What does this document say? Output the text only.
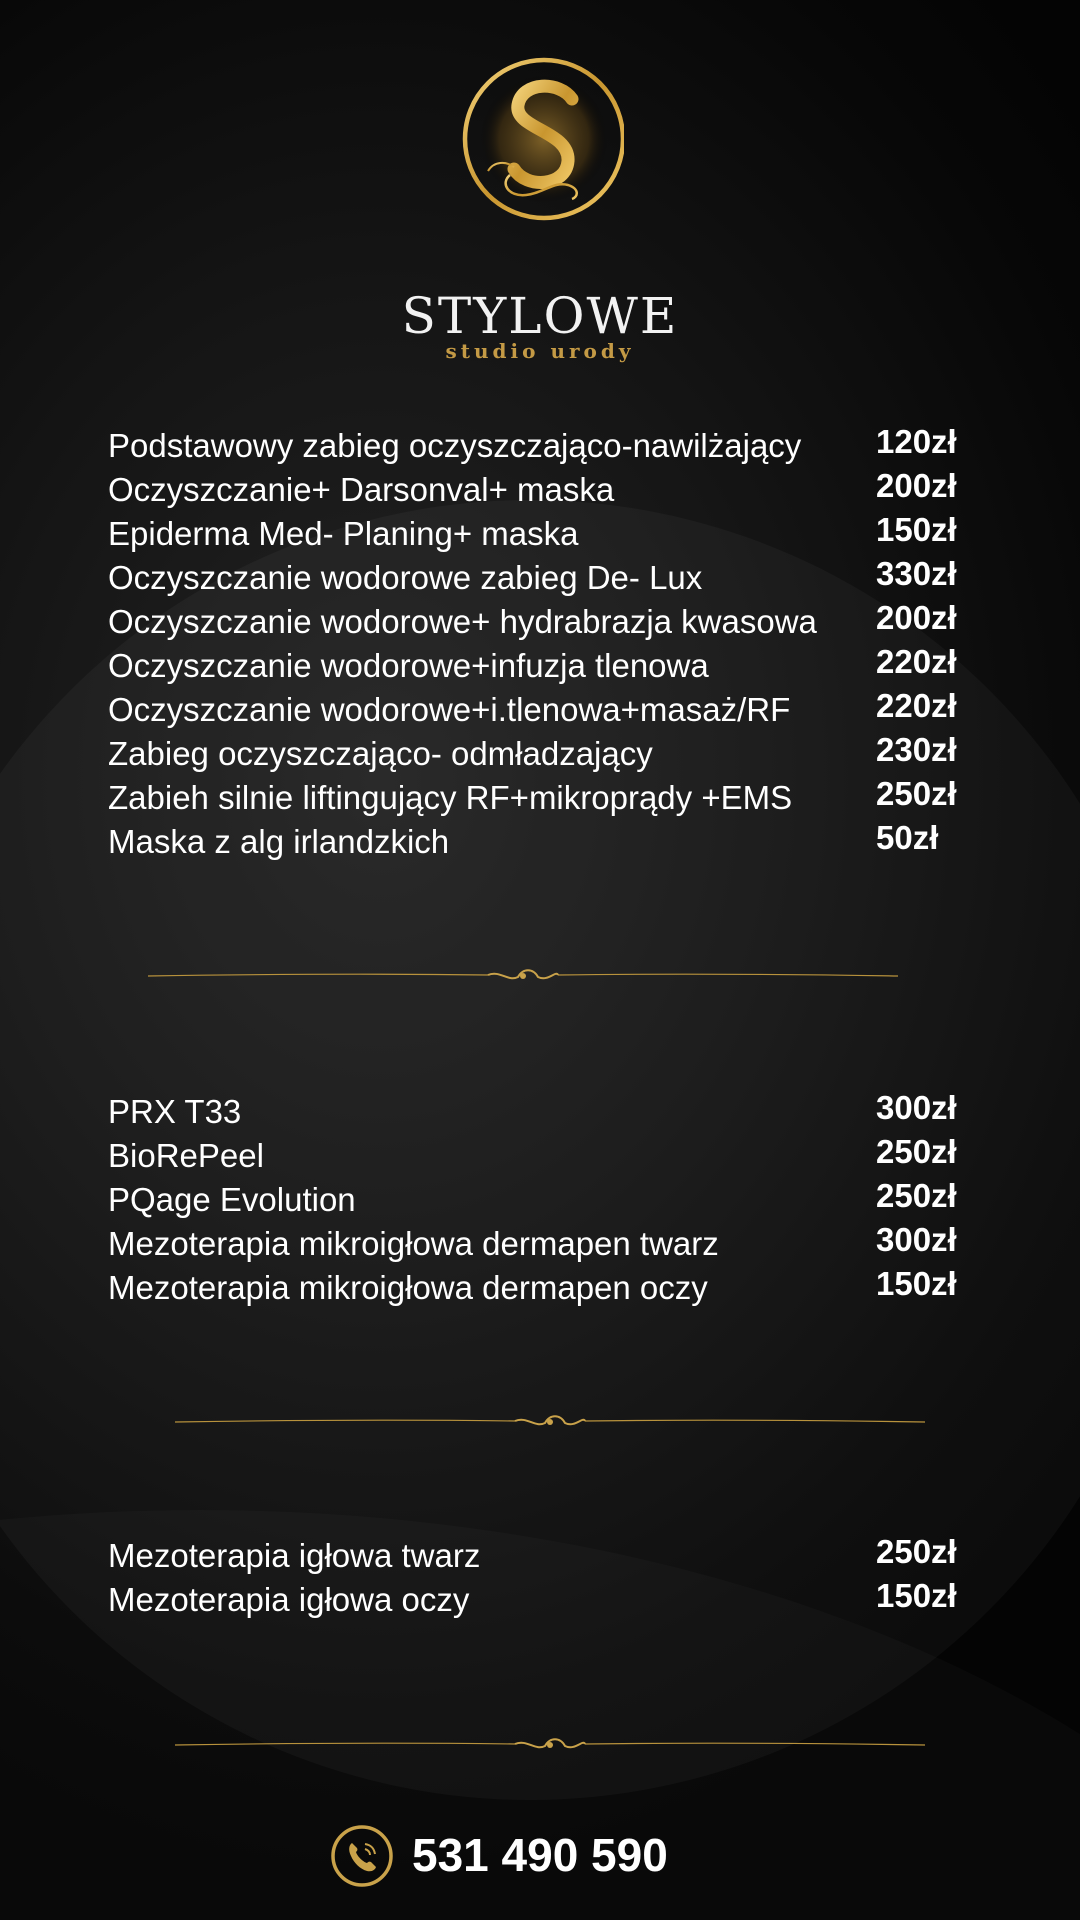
STYLOWE
studio urody
Podstawowy zabieg oczyszczająco-nawilżający 120zł
Oczyszczanie+ Darsonval+ maska	200zł
Epiderma Med- Planing+ maska	150zł
Oczyszczanie wodorowe zabieg De- Lux	330zł
Oczyszczanie wodorowe+ hydrabrazja kwasowa 200zł
Oczyszczanie wodorowe+infuzja tlenowa	220zł
Oczyszczanie wodorowe+i.tlenowa+masaż/RF	220zł
Zabieg oczyszczająco- odmładzający	230zł
Zabieh silnie liftingujący RF+mikroprądy +EMS	250zł
Maska z alg irlandzkich	50zł
PRX T33	300zł
BioRePeel	250zł
PQage Evolution	250zł
Mezoterapia mikroigłowa dermapen twarz	300zł
Mezoterapia mikroigłowa dermapen oczy	150zł
Mezoterapia igłowa twarz	250zł
Mezoterapia igłowa oczy	150zł
531 490 590
